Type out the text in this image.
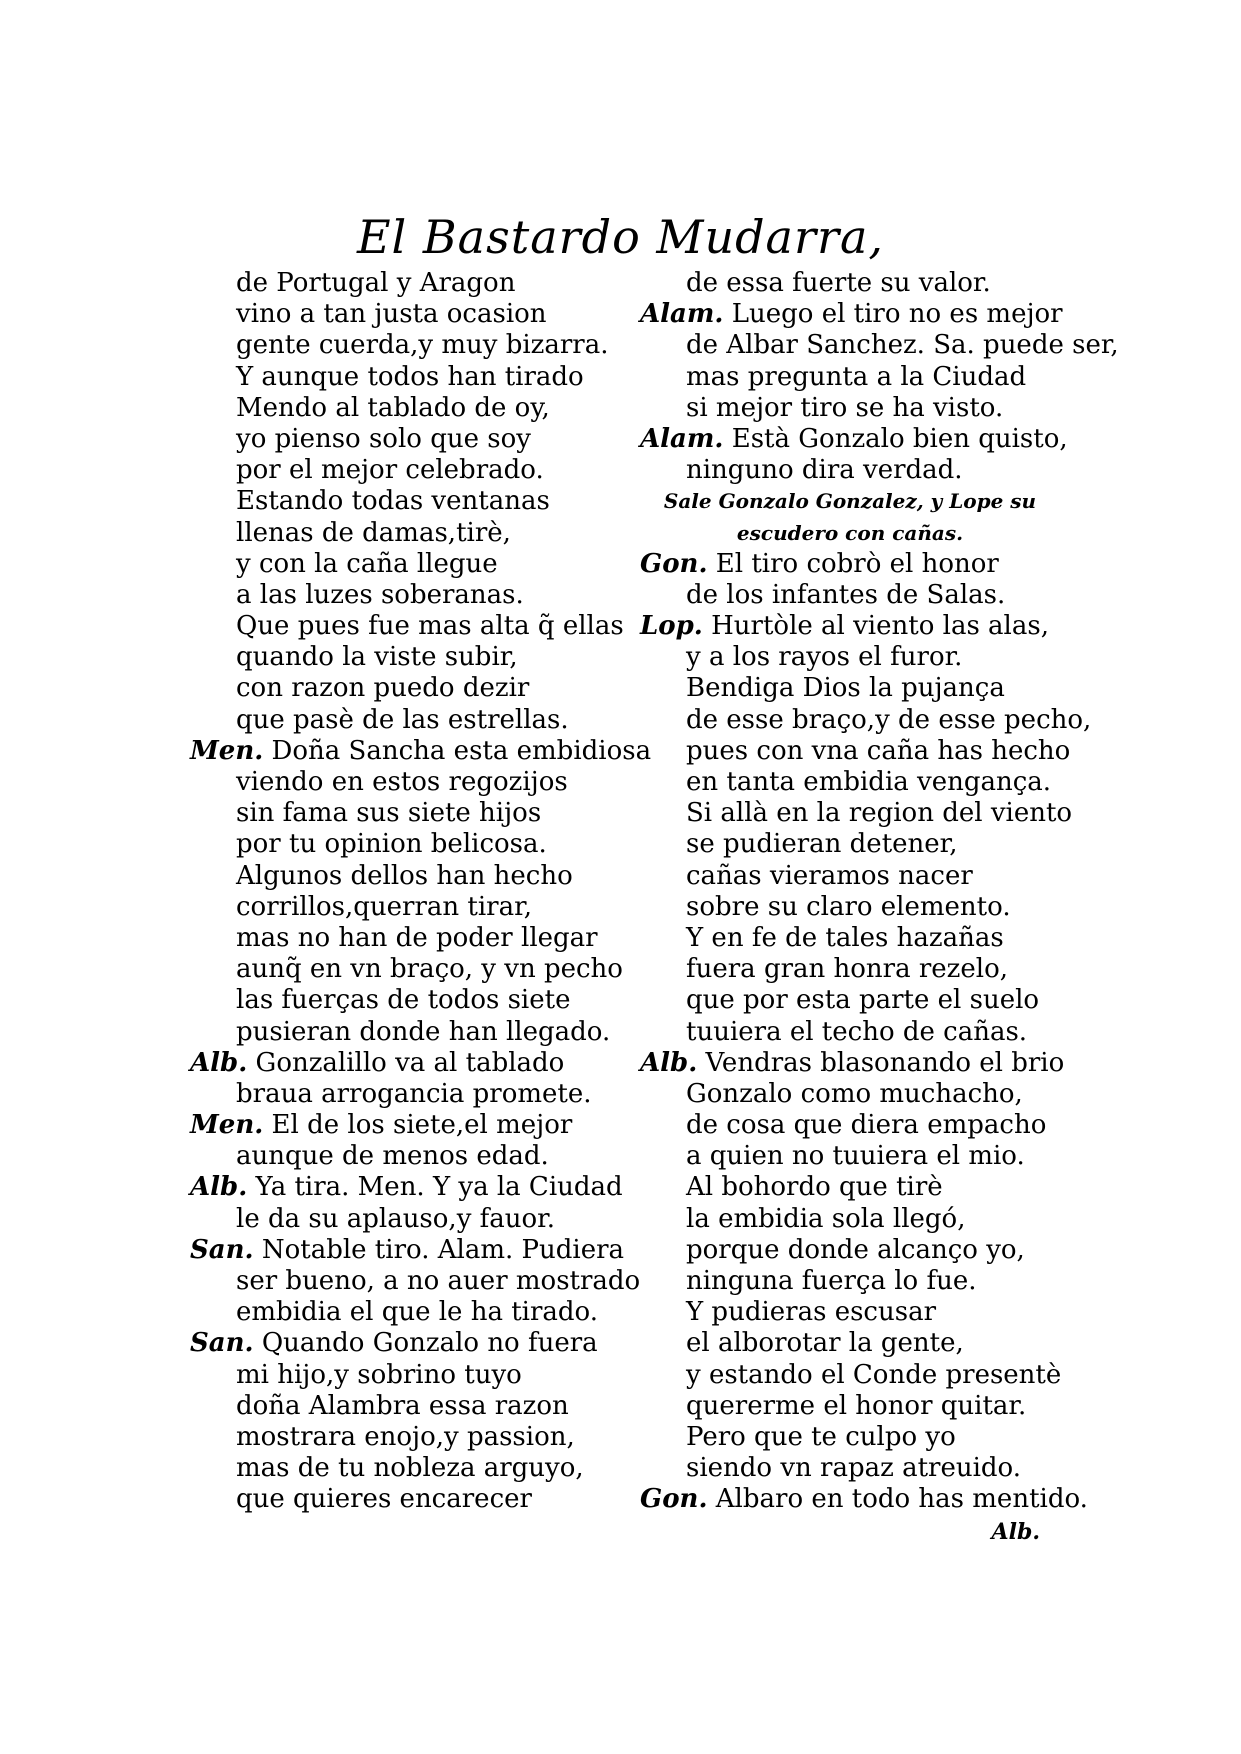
El Bastardo Mudarra,
de Portugal y Aragon
vino a tan justa ocasion
gente cuerda,y muy bizarra.
Y aunque todos han tirado
Mendo al tablado de oy,
yo pienso solo que soy
por el mejor celebrado.
Estando todas ventanas
llenas de damas,tirè,
y con la caña llegue
a las luzes soberanas.
Que pues fue mas alta q̃ ellas
quando la viste subir,
con razon puedo dezir
que pasè de las estrellas.
Men. Doña Sancha esta embidiosa
viendo en estos regozijos
sin fama sus siete hijos
por tu opinion belicosa.
Algunos dellos han hecho
corrillos,querran tirar,
mas no han de poder llegar
aunq̃ en vn braço, y vn pecho
las fuerças de todos siete
pusieran donde han llegado.
Alb. Gonzalillo va al tablado
braua arrogancia promete.
Men. El de los siete,el mejor
aunque de menos edad.
Alb. Ya tira. Men. Y ya la Ciudad
le da su aplauso,y fauor.
San. Notable tiro. Alam. Pudiera
ser bueno, a no auer mostrado
embidia el que le ha tirado.
San. Quando Gonzalo no fuera
mi hijo,y sobrino tuyo
doña Alambra essa razon
mostrara enojo,y passion,
mas de tu nobleza arguyo,
que quieres encarecer
de essa fuerte su valor.
Alam. Luego el tiro no es mejor
de Albar Sanchez. Sa. puede ser,
mas pregunta a la Ciudad
si mejor tiro se ha visto.
Alam. Està Gonzalo bien quisto,
ninguno dira verdad.
Sale Gonzalo Gonzalez, y Lope su
escudero con cañas.
Gon. El tiro cobrò el honor
de los infantes de Salas.
Lop. Hurtòle al viento las alas,
y a los rayos el furor.
Bendiga Dios la pujança
de esse braço,y de esse pecho,
pues con vna caña has hecho
en tanta embidia vengança.
Si allà en la region del viento
se pudieran detener,
cañas vieramos nacer
sobre su claro elemento.
Y en fe de tales hazañas
fuera gran honra rezelo,
que por esta parte el suelo
tuuiera el techo de cañas.
Alb. Vendras blasonando el brio
Gonzalo como muchacho,
de cosa que diera empacho
a quien no tuuiera el mio.
Al bohordo que tirè
la embidia sola llegó,
porque donde alcanço yo,
ninguna fuerça lo fue.
Y pudieras escusar
el alborotar la gente,
y estando el Conde presentè
quererme el honor quitar.
Pero que te culpo yo
siendo vn rapaz atreuido.
Gon. Albaro en todo has mentido.
Alb.
